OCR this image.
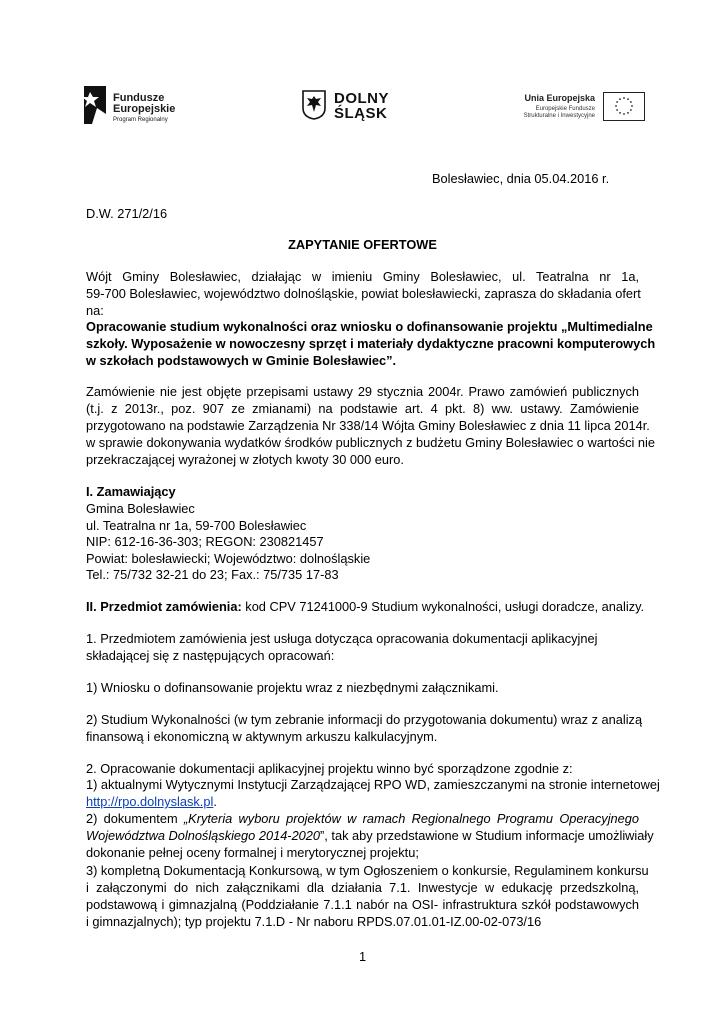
Fundusze
Europejskie
Program Regionalny
DOLNY
ŚLĄSK
Unia Europejska
Europejskie Fundusze
Strukturalne i Inwestycyjne
Bolesławiec, dnia 05.04.2016 r.
D.W. 271/2/16
ZAPYTANIE OFERTOWE
Wójt Gminy Bolesławiec, działając w imieniu Gminy Bolesławiec, ul. Teatralna nr 1a,
59-700 Bolesławiec, województwo dolnośląskie, powiat bolesławiecki, zaprasza do składania ofert
na:
Opracowanie studium wykonalności oraz wniosku o dofinansowanie projektu „Multimedialne
szkoły. Wyposażenie w nowoczesny sprzęt i materiały dydaktyczne pracowni komputerowych
w szkołach podstawowych w Gminie Bolesławiec”.
Zamówienie nie jest objęte przepisami ustawy 29 stycznia 2004r. Prawo zamówień publicznych
(t.j. z 2013r., poz. 907 ze zmianami) na podstawie art. 4 pkt. 8) ww. ustawy. Zamówienie
przygotowano na podstawie Zarządzenia Nr 338/14 Wójta Gminy Bolesławiec z dnia 11 lipca 2014r.
w sprawie dokonywania wydatków środków publicznych z budżetu Gminy Bolesławiec o wartości nie
przekraczającej wyrażonej w złotych kwoty 30 000 euro.
I. Zamawiający
Gmina Bolesławiec
ul. Teatralna nr 1a, 59-700 Bolesławiec
NIP: 612-16-36-303; REGON: 230821457
Powiat: bolesławiecki; Województwo: dolnośląskie
Tel.: 75/732 32-21 do 23; Fax.: 75/735 17-83
II. Przedmiot zamówienia: kod CPV 71241000-9 Studium wykonalności, usługi doradcze, analizy.
1. Przedmiotem zamówienia jest usługa dotycząca opracowania dokumentacji aplikacyjnej
składającej się z następujących opracowań:
1) Wniosku o dofinansowanie projektu wraz z niezbędnymi załącznikami.
2) Studium Wykonalności (w tym zebranie informacji do przygotowania dokumentu) wraz z analizą
finansową i ekonomiczną w aktywnym arkuszu kalkulacyjnym.
2. Opracowanie dokumentacji aplikacyjnej projektu winno być sporządzone zgodnie z:
1) aktualnymi Wytycznymi Instytucji Zarządzającej RPO WD, zamieszczanymi na stronie internetowej
http://rpo.dolnyslask.pl.
2) dokumentem „Kryteria wyboru projektów w ramach Regionalnego Programu Operacyjnego
Województwa Dolnośląskiego 2014-2020”, tak aby przedstawione w Studium informacje umożliwiały
dokonanie pełnej oceny formalnej i merytorycznej projektu;
3) kompletną Dokumentacją Konkursową, w tym Ogłoszeniem o konkursie, Regulaminem konkursu
i załączonymi do nich załącznikami dla działania 7.1. Inwestycje w edukację przedszkolną,
podstawową i gimnazjalną (Poddziałanie 7.1.1 nabór na OSI- infrastruktura szkół podstawowych
i gimnazjalnych); typ projektu 7.1.D - Nr naboru RPDS.07.01.01-IZ.00-02-073/16
1
